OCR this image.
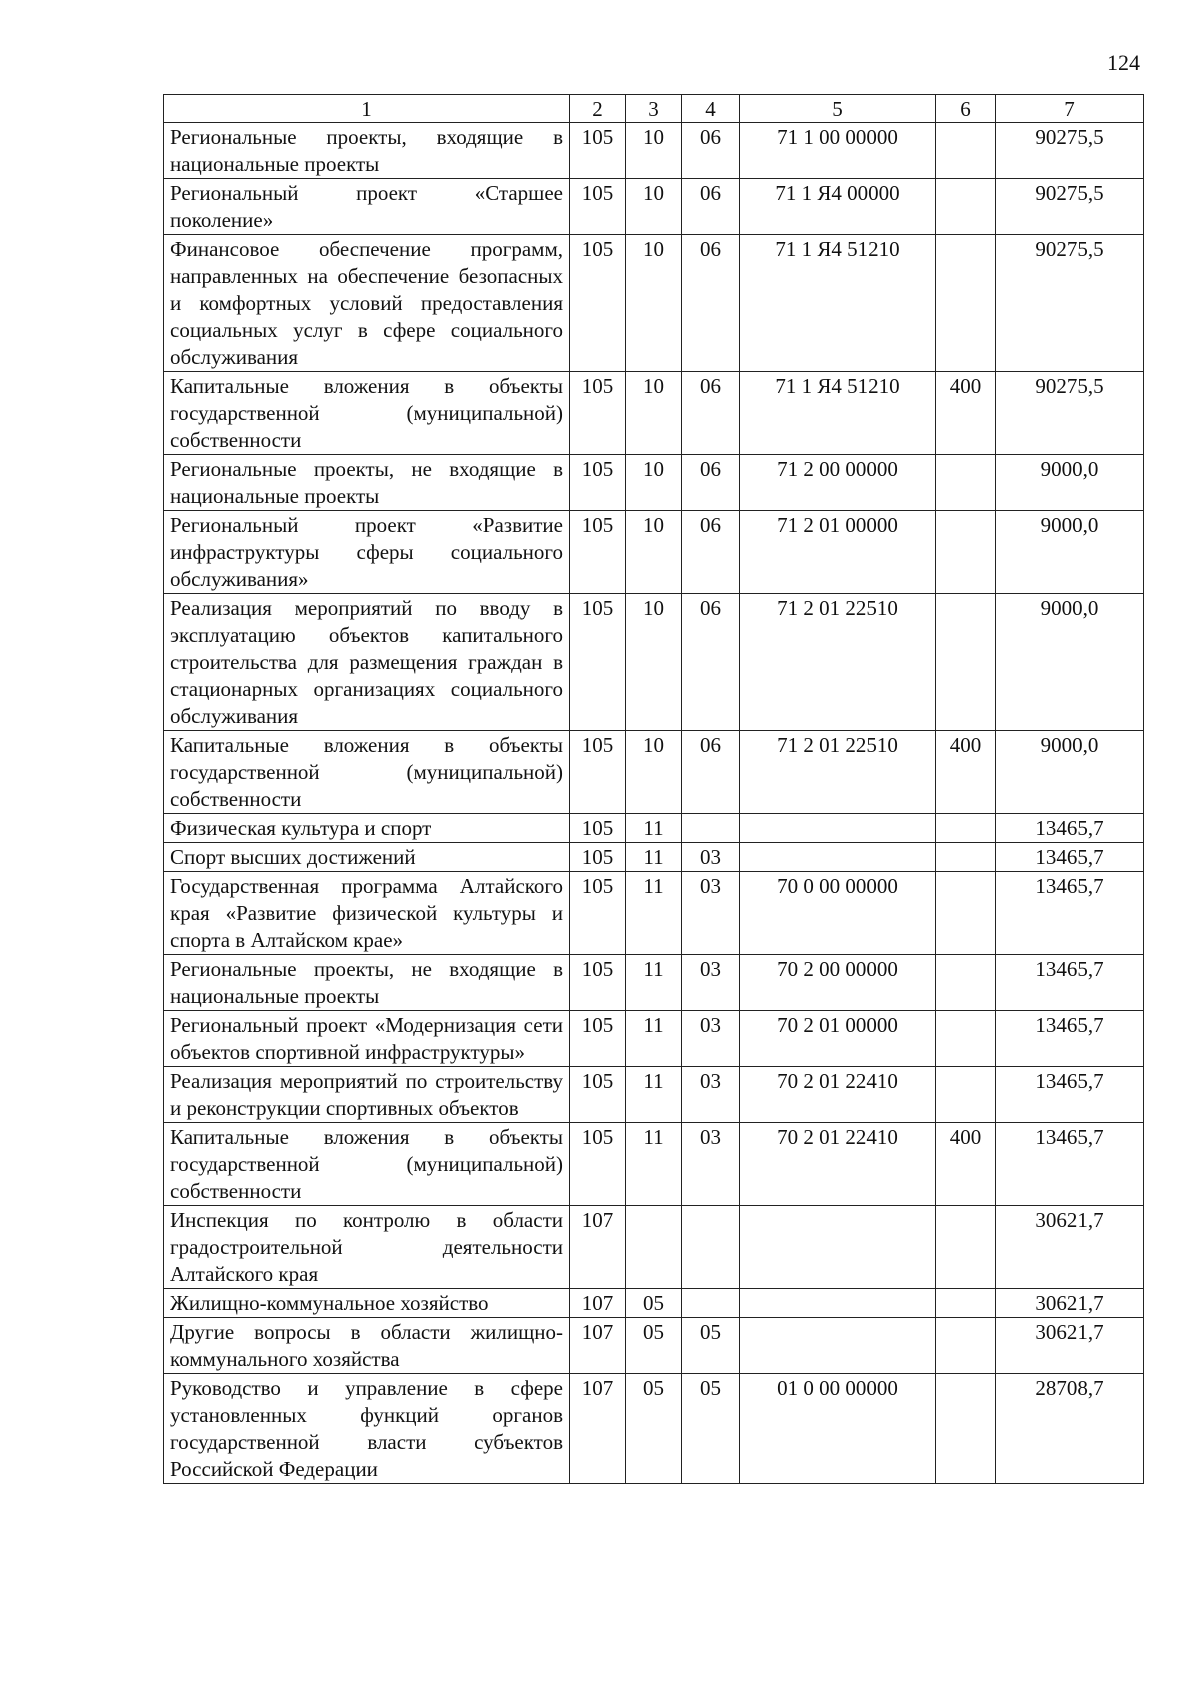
124
1	2	3	4	5	6	7
Региональные проекты, входящие в национальные проекты	105	10	06	71 1 00 00000		90275,5
Региональный проект «Старшее поколение»	105	10	06	71 1 Я4 00000		90275,5
Финансовое обеспечение программ, направленных на обеспечение безопасных и комфортных условий предоставления социальных услуг в сфере социального обслуживания	105	10	06	71 1 Я4 51210		90275,5
Капитальные вложения в объекты государственной (муниципальной) собственности	105	10	06	71 1 Я4 51210	400	90275,5
Региональные проекты, не входящие в национальные проекты	105	10	06	71 2 00 00000		9000,0
Региональный проект «Развитие инфраструктуры сферы социального обслуживания»	105	10	06	71 2 01 00000		9000,0
Реализация мероприятий по вводу в эксплуатацию объектов капитального строительства для размещения граждан в стационарных организациях социального обслуживания	105	10	06	71 2 01 22510		9000,0
Капитальные вложения в объекты государственной (муниципальной) собственности	105	10	06	71 2 01 22510	400	9000,0
Физическая культура и спорт	105	11				13465,7
Спорт высших достижений	105	11	03			13465,7
Государственная программа Алтайского края «Развитие физической культуры и спорта в Алтайском крае»	105	11	03	70 0 00 00000		13465,7
Региональные проекты, не входящие в национальные проекты	105	11	03	70 2 00 00000		13465,7
Региональный проект «Модернизация сети объектов спортивной инфраструктуры»	105	11	03	70 2 01 00000		13465,7
Реализация мероприятий по строительству и реконструкции спортивных объектов	105	11	03	70 2 01 22410		13465,7
Капитальные вложения в объекты государственной (муниципальной) собственности	105	11	03	70 2 01 22410	400	13465,7
Инспекция по контролю в области градостроительной деятельности Алтайского края	107					30621,7
Жилищно-коммунальное хозяйство	107	05				30621,7
Другие вопросы в области жилищно-коммунального хозяйства	107	05	05			30621,7
Руководство и управление в сфере установленных функций органов государственной власти субъектов Российской Федерации	107	05	05	01 0 00 00000		28708,7
